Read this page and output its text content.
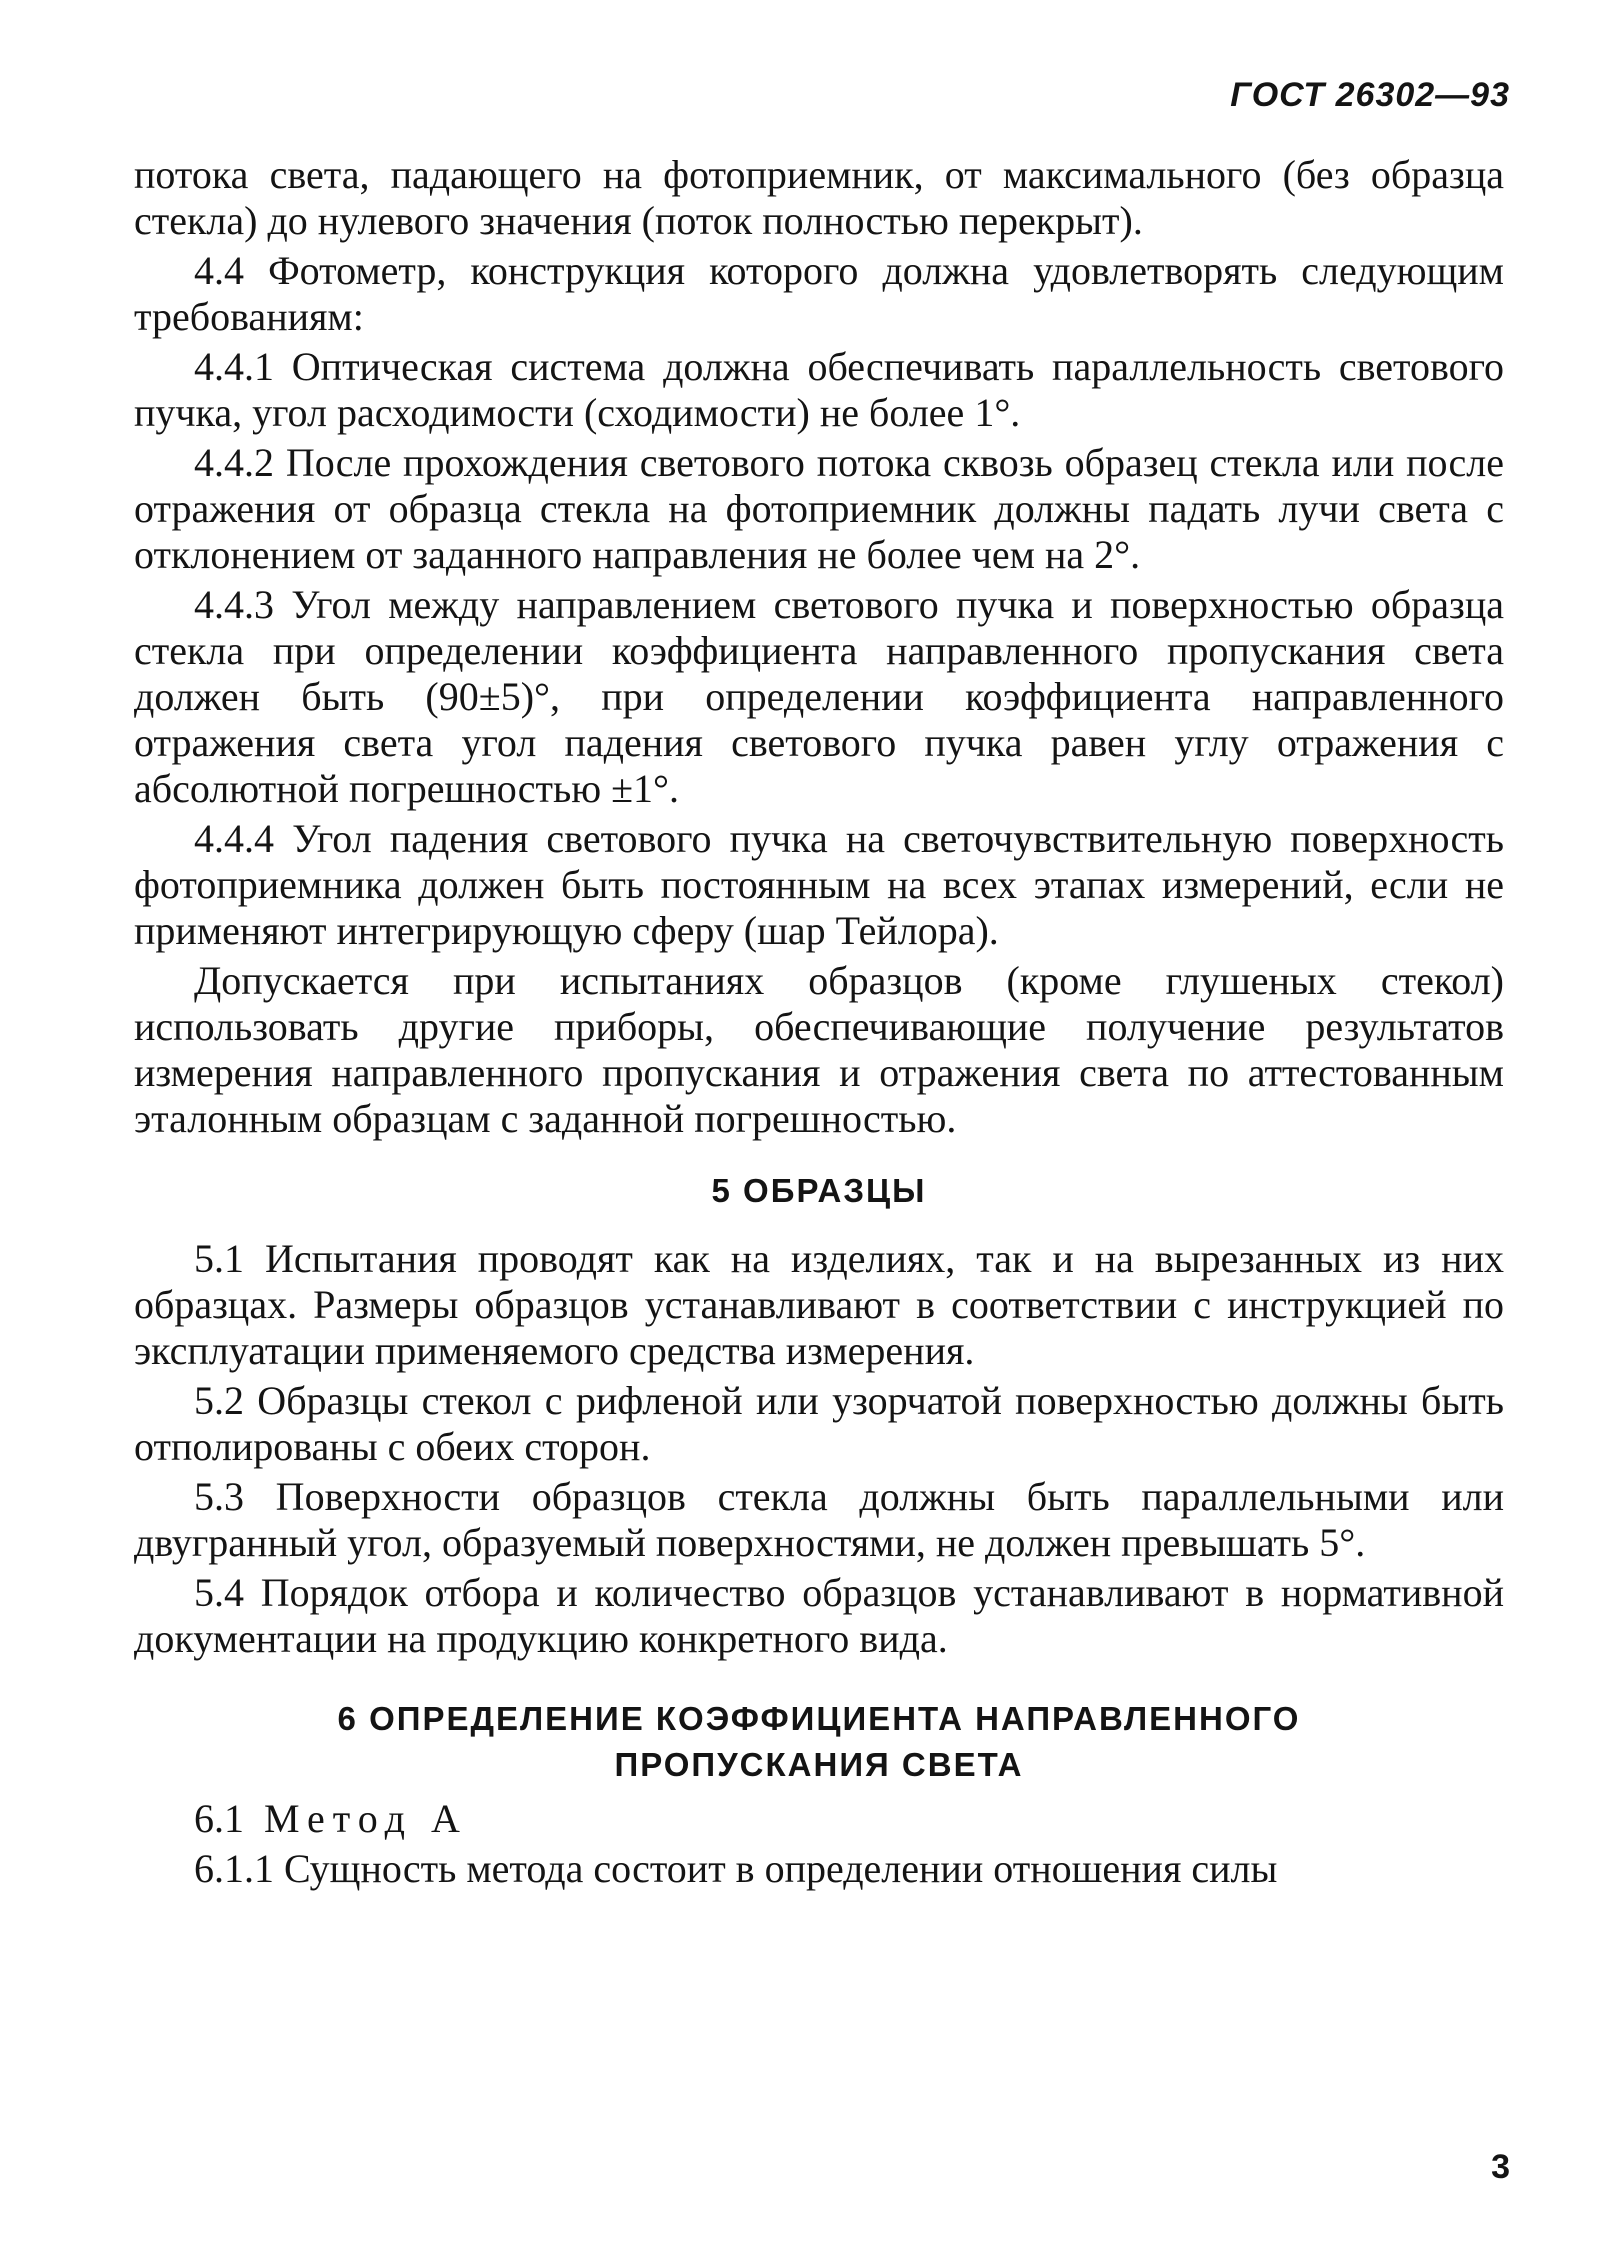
ГОСТ 26302—93

потока света, падающего на фотоприемник, от максимального (без образца стекла) до нулевого значения (поток полностью перекрыт).

4.4 Фотометр, конструкция которого должна удовлетворять следующим требованиям:

4.4.1 Оптическая система должна обеспечивать параллельность светового пучка, угол расходимости (сходимости) не более 1°.

4.4.2 После прохождения светового потока сквозь образец стекла или после отражения от образца стекла на фотоприемник должны падать лучи света с отклонением от заданного направления не более чем на 2°.

4.4.3 Угол между направлением светового пучка и поверхностью образца стекла при определении коэффициента направленного пропускания света должен быть (90±5)°, при определении коэффициента направленного отражения света угол падения светового пучка равен углу отражения с абсолютной погрешностью ±1°.

4.4.4 Угол падения светового пучка на светочувствительную поверхность фотоприемника должен быть постоянным на всех этапах измерений, если не применяют интегрирующую сферу (шар Тейлора).

Допускается при испытаниях образцов (кроме глушеных стекол) использовать другие приборы, обеспечивающие получение результатов измерения направленного пропускания и отражения света по аттестованным эталонным образцам с заданной погрешностью.

5 ОБРАЗЦЫ

5.1 Испытания проводят как на изделиях, так и на вырезанных из них образцах. Размеры образцов устанавливают в соответствии с инструкцией по эксплуатации применяемого средства измерения.

5.2 Образцы стекол с рифленой или узорчатой поверхностью должны быть отполированы с обеих сторон.

5.3 Поверхности образцов стекла должны быть параллельными или двугранный угол, образуемый поверхностями, не должен превышать 5°.

5.4 Порядок отбора и количество образцов устанавливают в нормативной документации на продукцию конкретного вида.

6 ОПРЕДЕЛЕНИЕ КОЭФФИЦИЕНТА НАПРАВЛЕННОГО
ПРОПУСКАНИЯ СВЕТА

6.1 Метод А

6.1.1 Сущность метода состоит в определении отношения силы

3
